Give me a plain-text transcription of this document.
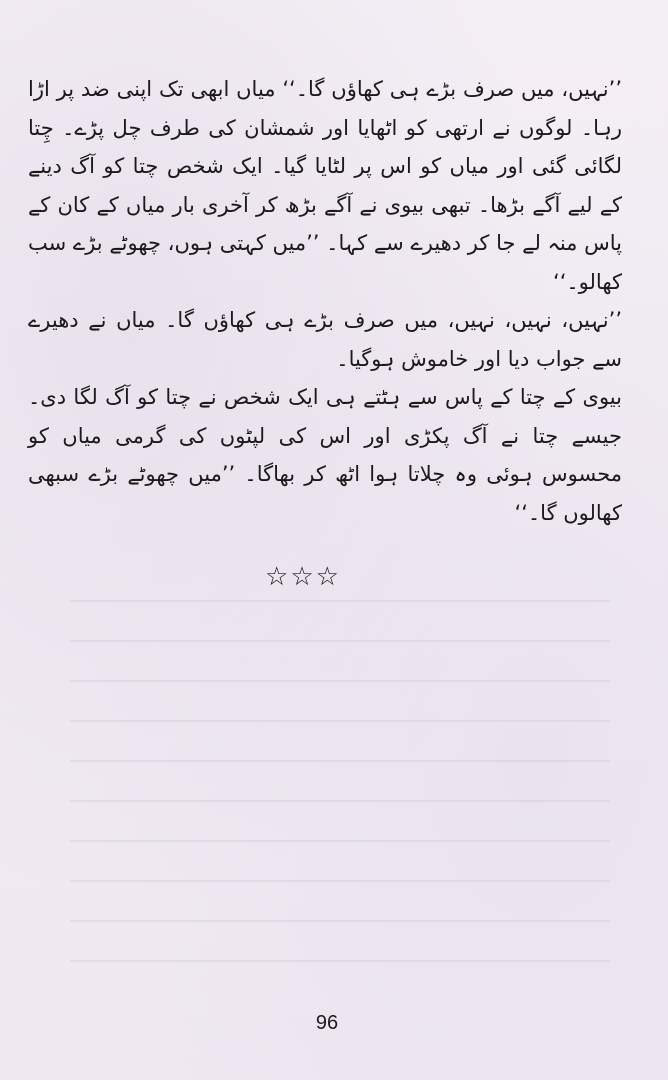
’’نہیں، میں صرف بڑے ہی کھاؤں گا۔‘‘ میاں ابھی تک اپنی ضد پر اڑا رہا۔ لوگوں نے ارتھی کو اٹھایا اور شمشان کی طرف چل پڑے۔ چِتا لگائی گئی اور میاں کو اس پر لٹایا گیا۔ ایک شخص چتا کو آگ دینے کے لیے آگے بڑھا۔ تبھی بیوی نے آگے بڑھ کر آخری بار میاں کے کان کے پاس منہ لے جا کر دھیرے سے کہا۔ ’’میں کہتی ہوں، چھوٹے بڑے سب کھالو۔‘‘

’’نہیں، نہیں، نہیں، میں صرف بڑے ہی کھاؤں گا۔ میاں نے دھیرے سے جواب دیا اور خاموش ہوگیا۔

بیوی کے چتا کے پاس سے ہٹتے ہی ایک شخص نے چتا کو آگ لگا دی۔ جیسے چتا نے آگ پکڑی اور اس کی لپٹوں کی گرمی میاں کو محسوس ہوئی وہ چلاتا ہوا اٹھ کر بھاگا۔ ’’میں چھوٹے بڑے سبھی کھالوں گا۔‘‘

☆☆☆
96
